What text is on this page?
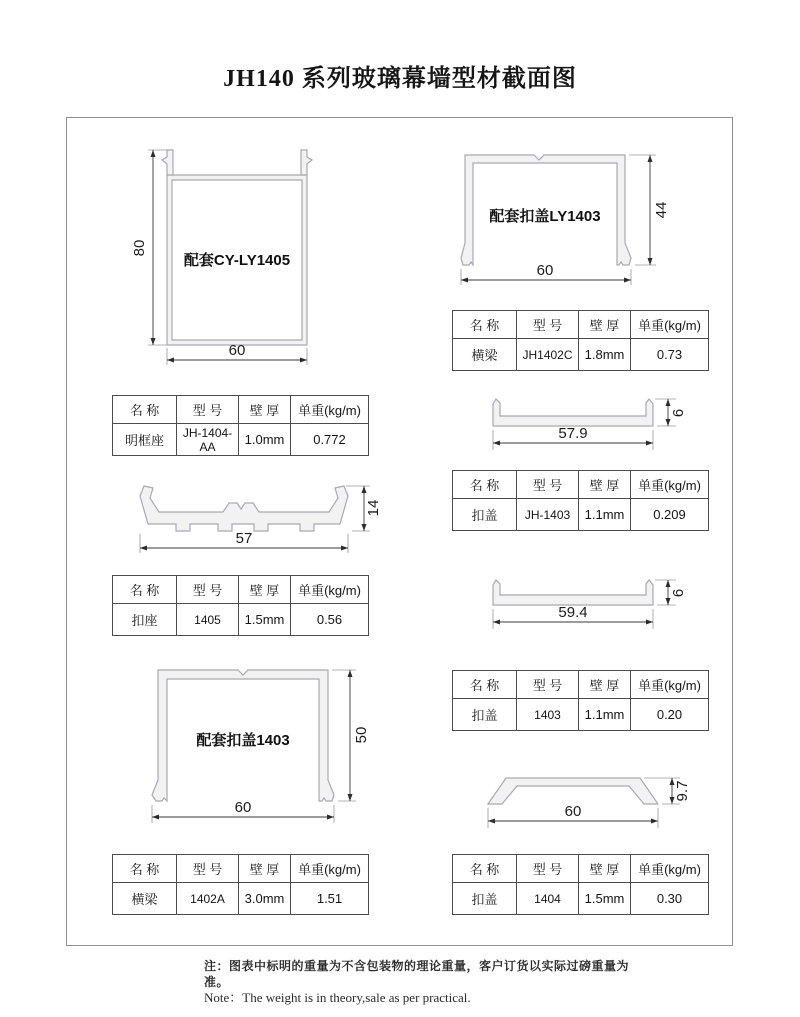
JH140 系列玻璃幕墙型材截面图
80
60
配套CY-LY1405
名 称	型 号	壁 厚	单重(kg/m)
明框座	JH-1404-AA	1.0mm	0.772
57
14
名 称	型 号	壁 厚	单重(kg/m)
扣座	1405	1.5mm	0.56
配套扣盖1403	50
60
名 称	型 号	壁 厚	单重(kg/m)
横梁	1402A	3.0mm	1.51
配套扣盖LY1403	44
60
名 称	型 号	壁 厚	单重(kg/m)
横梁	JH1402C	1.8mm	0.73
57.9
6
名 称	型 号	壁 厚	单重(kg/m)
扣盖	JH-1403	1.1mm	0.209
59.4
6
名 称	型 号	壁 厚	单重(kg/m)
扣盖	1403	1.1mm	0.20
60
9.7
名 称	型 号	壁 厚	单重(kg/m)
扣盖	1404	1.5mm	0.30
注：图表中标明的重量为不含包装物的理论重量，客户订货以实际过磅重量为准。
Note：The weight is in theory,sale as per practical.
